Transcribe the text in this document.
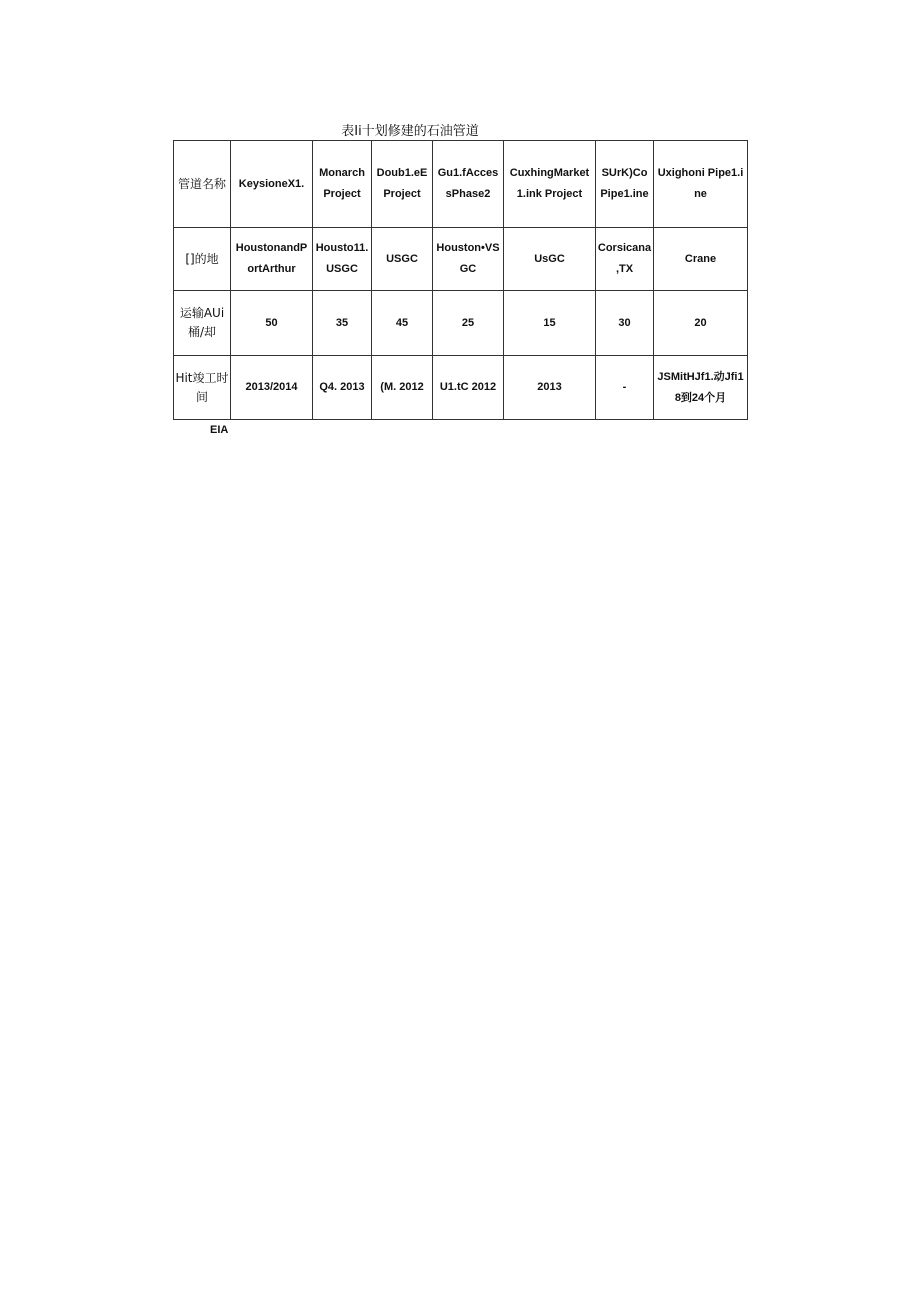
表Ii十划修建的石油管道
管道名称	KeysioneX1.	Monarch Project	Doub1.eE Project	Gu1.fAcces sPhase2	CuxhingMarket 1.ink Project	SUrK)Co Pipe1.ine	Uxighoni Pipe1.ine
[]的地	HoustonandP ortArthur	Housto11. USGC	USGC	Houston•VS GC	UsGC	Corsicana ,TX	Crane
运输AUi桶/却	50	35	45	25	15	30	20
Hit竣工时间	2013/2014	Q4. 2013	(M. 2012	U1.tC 2012	2013	-	JSMitHJf1.动Jfi18到24个月
EIA
